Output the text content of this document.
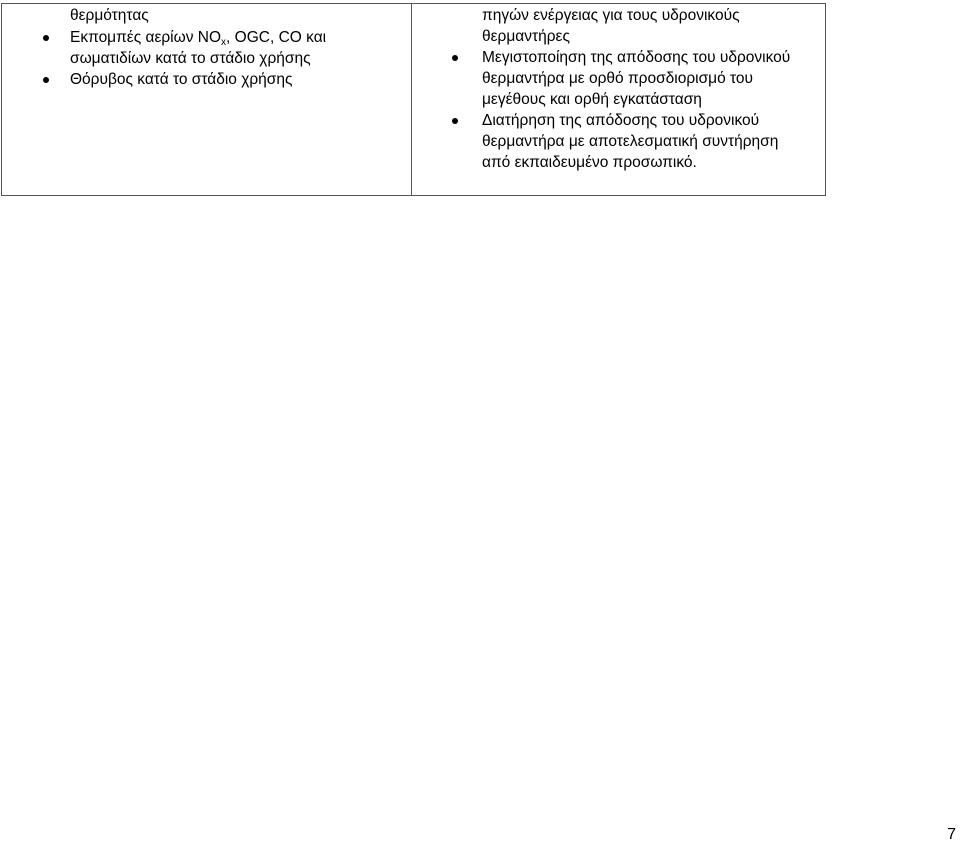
θερμότητας
Εκπομπές αερίων $NO_x$, OGC, CO και
σωματιδίων κατά το στάδιο χρήσης
Θόρυβος κατά το στάδιο χρήσης
πηγών ενέργειας για τους υδρονικούς
θερμαντήρες
Μεγιστοποίηση της απόδοσης του υδρονικού
θερμαντήρα με ορθό προσδιορισμό του
μεγέθους και ορθή εγκατάσταση
Διατήρηση της απόδοσης του υδρονικού
θερμαντήρα με αποτελεσματική συντήρηση
από εκπαιδευμένο προσωπικό.
7
